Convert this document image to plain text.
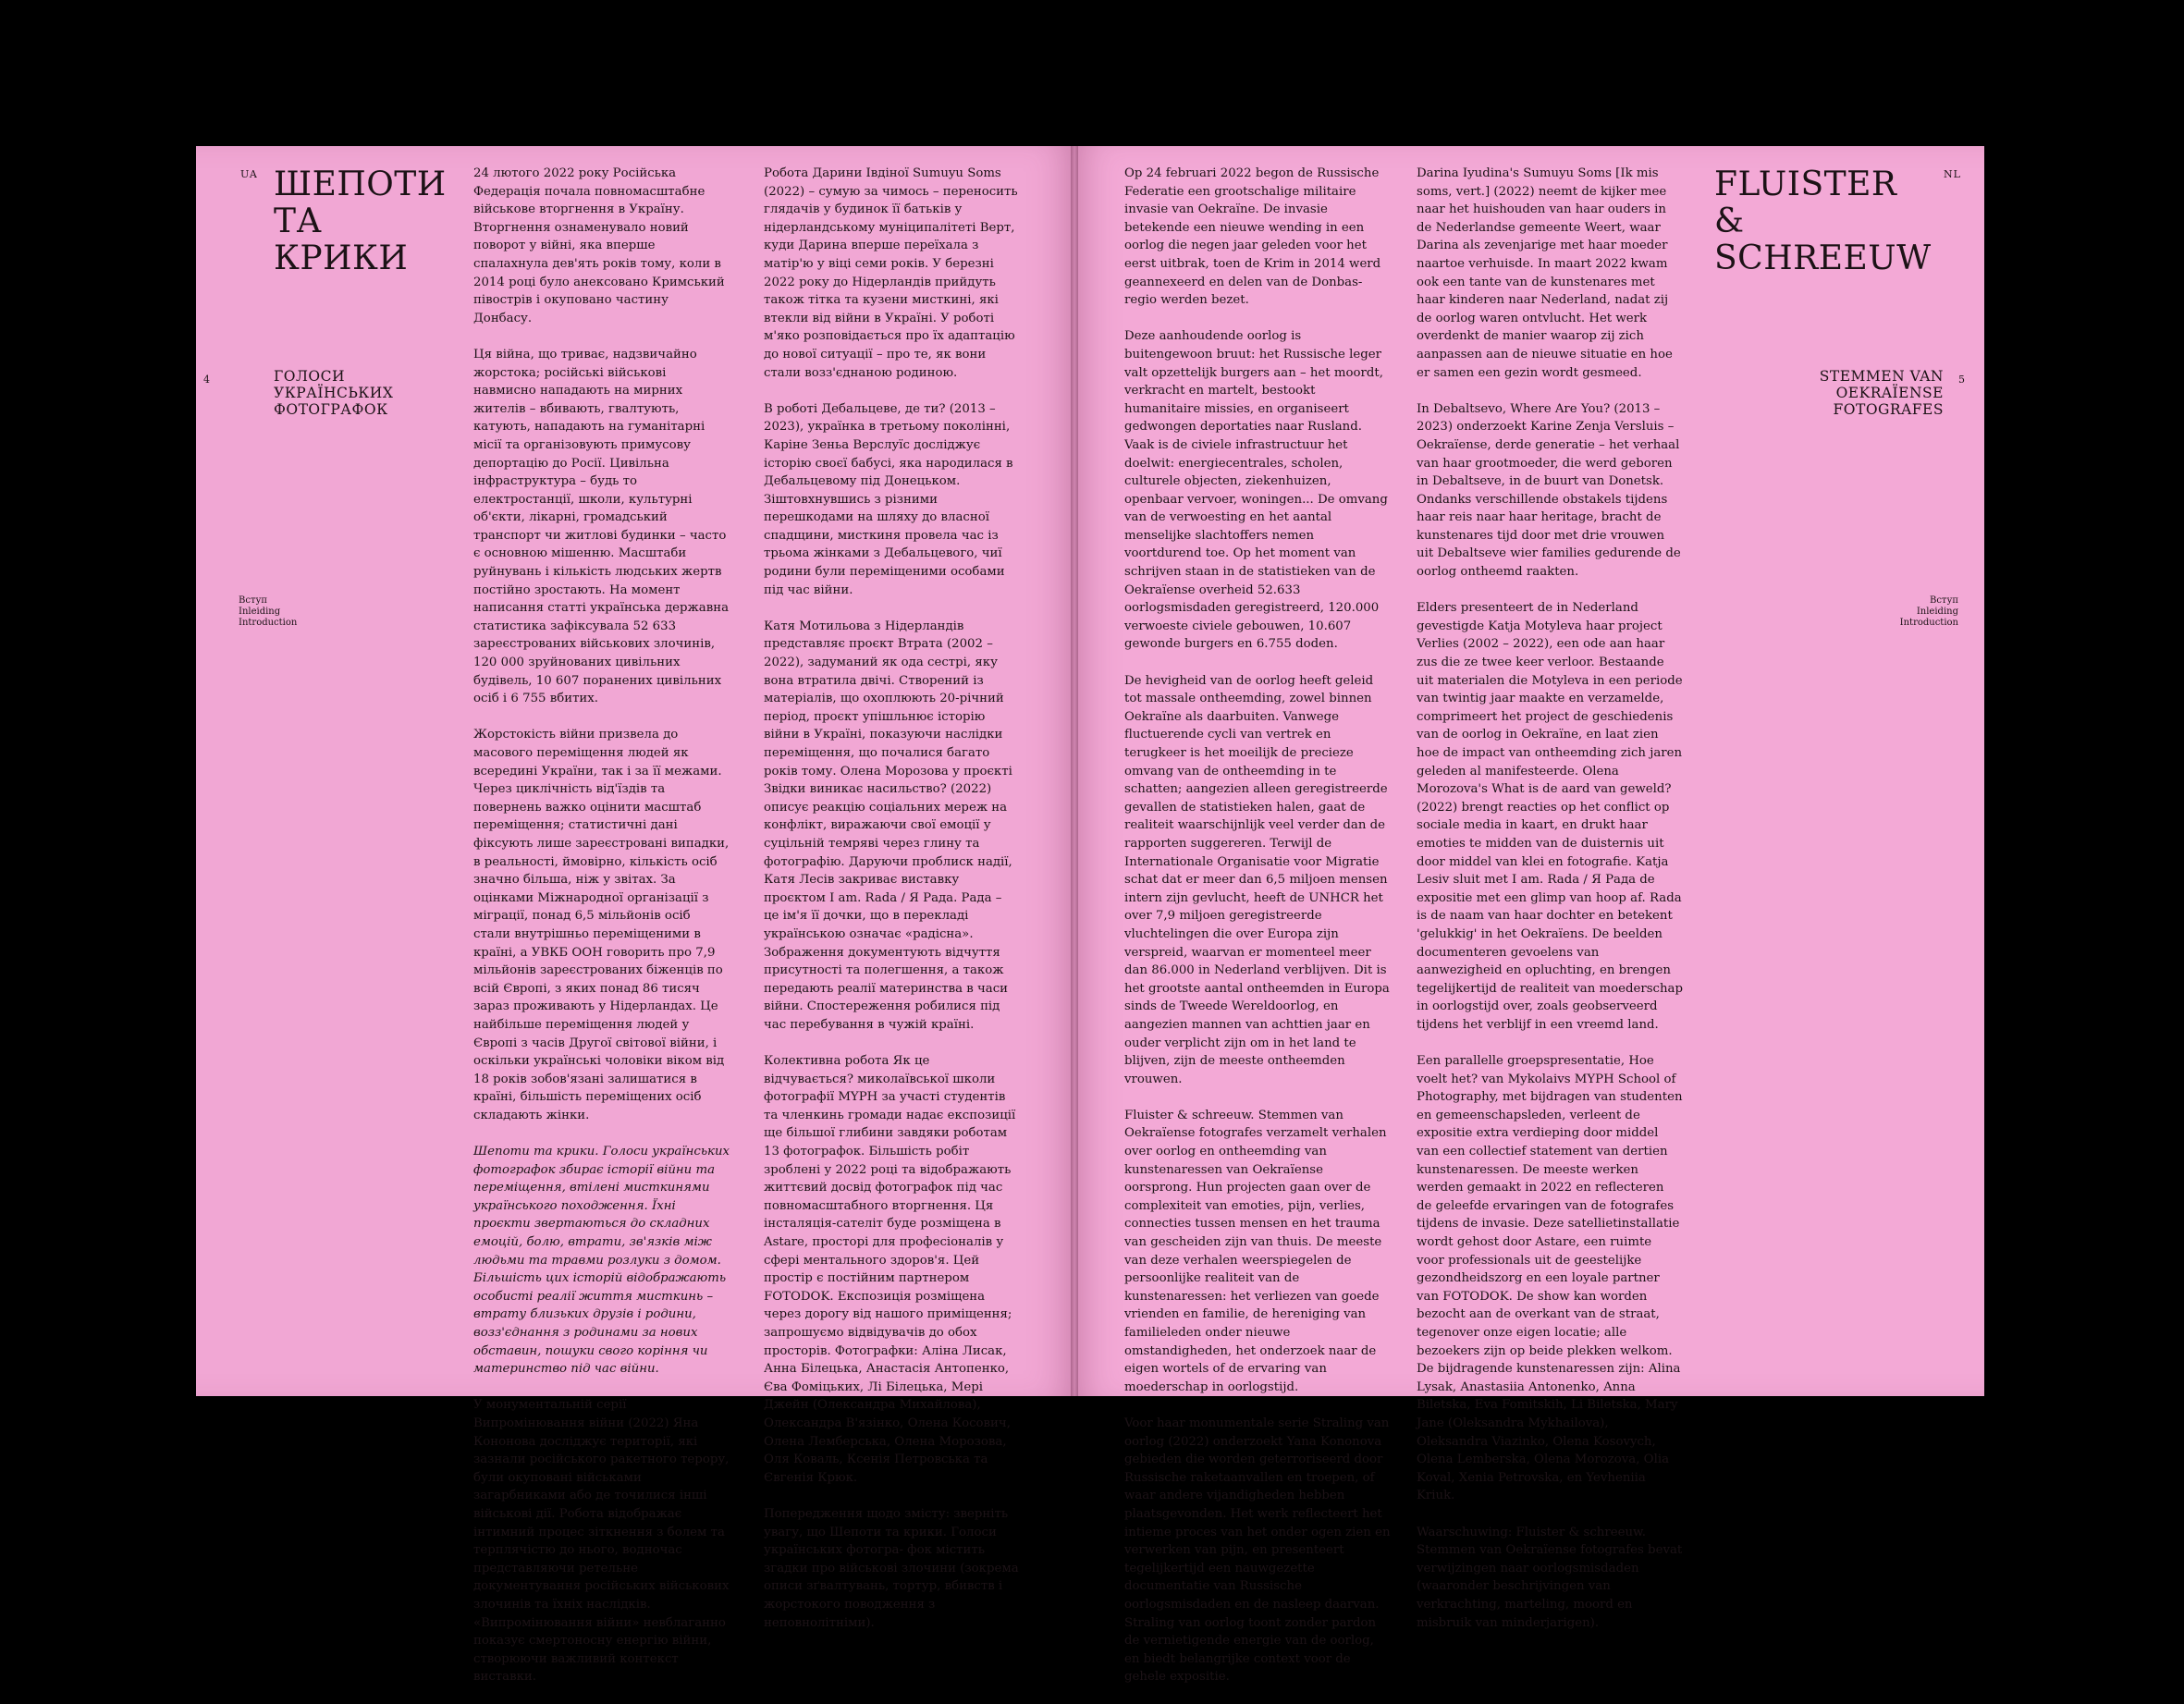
UA ШЕПОТИ ТА КРИКИ
4	ГОЛОСИ УКРАЇНСЬКИХ ФОТОГРАФОК
Вступ
Inleiding
Introduction

24 лютого 2022 року Російська Федерація почала повномасштабне військове вторгнення в Україну. Вторгнення ознаменувало новий поворот у війні, яка вперше спалахнула дев'ять років тому, коли в 2014 році було анексовано Кримський півострів і окуповано частину Донбасу.

Ця війна, що триває, надзвичайно жорстока; російські військові навмисно нападають на мирних жителів – вбивають, гвалтують, катують, нападають на гуманітарні місії та організовують примусову депортацію до Росії. Цивільна інфраструктура – будь то електростанції, школи, культурні об'єкти, лікарні, громадський транспорт чи житлові будинки – часто є основною мішенню. Масштаби руйнувань і кількість людських жертв постійно зростають. На момент написання статті українська державна статистика зафіксувала 52 633 зареєстрованих військових злочинів, 120 000 зруйнованих цивільних будівель, 10 607 поранених цивільних осіб і 6 755 вбитих.

Жорстокість війни призвела до масового переміщення людей як всередині України, так і за її межами. Через циклічність від'їздів та повернень важко оцінити масштаб переміщення; статистичні дані фіксують лише зареєстровані випадки, в реальності, ймовірно, кількість осіб значно більша, ніж у звітах. За оцінками Міжнародної організації з міграції, понад 6,5 мільйонів осіб стали внутрішньо переміщеними в країні, а УВКБ ООН говорить про 7,9 мільйонів зареєстрованих біженців по всій Європі, з яких понад 86 тисяч зараз проживають у Нідерландах. Це найбільше переміщення людей у Європі з часів Другої світової війни, і оскільки українські чоловіки віком від 18 років зобов'язані залишатися в країні, більшість переміщених осіб складають жінки.

Шепоти та крики. Голоси українських фотографок збирає історії війни та переміщення, втілені мисткинями українського походження. Їхні проєкти звертаються до складних емоцій, болю, втрати, зв'язків між людьми та травми розлуки з домом. Більшість цих історій відображають особисті реалії життя мисткинь – втрату близьких друзів і родини, возз'єднання з родинами за нових обставин, пошуки свого коріння чи материнство під час війни.

У монументальній серії Випромінювання війни (2022) Яна Кононова досліджує території, які зазнали російського ракетного терору, були окуповані військами загарбниками або де точилися інші військові дії. Робота відображає інтимний процес зіткнення з болем та терплячістю до нього, водночас представляючи ретельне документування російських військових злочинів та їхніх наслідків. «Випромінювання війни» невблаганно показує смертоносну енергію війни, створюючи важливий контекст виставки.

Робота Дарини Івдіної Sumuyu Soms (2022) – сумую за чимось – переносить глядачів у будинок її батьків у нідерландському муніципалітеті Верт, куди Дарина вперше переїхала з матір'ю у віці семи років. У березні 2022 року до Нідерландів прийдуть також тітка та кузени мисткині, які втекли від війни в Україні. У роботі м'яко розповідається про їх адаптацію до нової ситуації – про те, як вони стали возз'єднаною родиною.

В роботі Дебальцеве, де ти? (2013 – 2023), українка в третьому поколінні, Каріне Зеньа Верслуїс досліджує історію своєї бабусі, яка народилася в Дебальцевому під Донецьком. Зіштовхнувшись з різними перешкодами на шляху до власної спадщини, мисткиня провела час із трьома жінками з Дебальцевого, чиї родини були переміщеними особами під час війни.

Катя Мотильова з Нідерландів представляє проєкт Втрата (2002 – 2022), задуманий як ода сестрі, яку вона втратила двічі. Створений із матеріалів, що охоплюють 20-річний період, проєкт упішльнює історію війни в Україні, показуючи наслідки переміщення, що почалися багато років тому. Олена Морозова у проєкті Звідки виникає насильство? (2022) описує реакцію соціальних мереж на конфлікт, виражаючи свої емоції у суцільній темряві через глину та фотографію. Даруючи проблиск надії, Катя Лесів закриває виставку проєктом I am. Rada / Я Рада. Рада – це ім'я її дочки, що в перекладі українською означає «радісна». Зображення документують відчуття присутності та полегшення, а також передають реалії материнства в часи війни. Спостереження робилися під час перебування в чужій країні.

Колективна робота Як це відчувається? миколаївської школи фотографії MYPH за участі студентів та членкинь громади надає експозиції ще більшої глибини завдяки роботам 13 фотографок. Більшість робіт зроблені у 2022 році та відображають життєвий досвід фотографок під час повномасштабного вторгнення. Ця інсталяція-сателіт буде розміщена в Astare, просторі для професіоналів у сфері ментального здоров'я. Цей простір є постійним партнером FOTODOK. Експозиція розміщена через дорогу від нашого приміщення; запрошуємо відвідувачів до обох просторів. Фотографки: Аліна Лисак, Анна Білецька, Анастасія Антопенко, Єва Фоміцьких, Лі Білецька, Мері Джейн (Олександра Михайлова), Олександра В'язінко, Олена Косович, Олена Лемберська, Олена Морозова, Оля Коваль, Ксенія Петровська та Євгенія Крюк.

Попередження щодо змісту: зверніть увагу, що Шепоти та крики. Голоси українських фотогра- фок містить згадки про військові злочини (зокрема описи зґвалтувань, тортур, вбивств і жорстокого поводження з неповнолітніми).

Op 24 februari 2022 begon de Russische Federatie een grootschalige militaire invasie van Oekraïne. De invasie betekende een nieuwe wending in een oorlog die negen jaar geleden voor het eerst uitbrak, toen de Krim in 2014 werd geannexeerd en delen van de Donbas-regio werden bezet.

Deze aanhoudende oorlog is buitengewoon bruut: het Russische leger valt opzettelijk burgers aan – het moordt, verkracht en martelt, bestookt humanitaire missies, en organiseert gedwongen deportaties naar Rusland. Vaak is de civiele infrastructuur het doelwit: energiecentrales, scholen, culturele objecten, ziekenhuizen, openbaar vervoer, woningen... De omvang van de verwoesting en het aantal menselijke slachtoffers nemen voortdurend toe. Op het moment van schrijven staan in de statistieken van de Oekraïense overheid 52.633 oorlogsmisdaden geregistreerd, 120.000 verwoeste civiele gebouwen, 10.607 gewonde burgers en 6.755 doden.

De hevigheid van de oorlog heeft geleid tot massale ontheemding, zowel binnen Oekraïne als daarbuiten. Vanwege fluctuerende cycli van vertrek en terugkeer is het moeilijk de precieze omvang van de ontheemding in te schatten; aangezien alleen geregistreerde gevallen de statistieken halen, gaat de realiteit waarschijnlijk veel verder dan de rapporten suggereren. Terwijl de Internationale Organisatie voor Migratie schat dat er meer dan 6,5 miljoen mensen intern zijn gevlucht, heeft de UNHCR het over 7,9 miljoen geregistreerde vluchtelingen die over Europa zijn verspreid, waarvan er momenteel meer dan 86.000 in Nederland verblijven. Dit is het grootste aantal ontheemden in Europa sinds de Tweede Wereldoorlog, en aangezien mannen van achttien jaar en ouder verplicht zijn om in het land te blijven, zijn de meeste ontheemden vrouwen.

Fluister & schreeuw. Stemmen van Oekraïense fotografes verzamelt verhalen over oorlog en ontheemding van kunstenaressen van Oekraïense oorsprong. Hun projecten gaan over de complexiteit van emoties, pijn, verlies, connecties tussen mensen en het trauma van gescheiden zijn van thuis. De meeste van deze verhalen weerspiegelen de persoonlijke realiteit van de kunstenaressen: het verliezen van goede vrienden en familie, de hereniging van familieleden onder nieuwe omstandigheden, het onderzoek naar de eigen wortels of de ervaring van moederschap in oorlogstijd.

Voor haar monumentale serie Straling van oorlog (2022) onderzoekt Yana Kononova gebieden die worden geterroriseerd door Russische raketaanvallen en troepen, of waar andere vijandigheden hebben plaatsgevonden. Het werk reflecteert het intieme proces van het onder ogen zien en verwerken van pijn, en presenteert tegelijkertijd een nauwgezette documentatie van Russische oorlogsmisdaden en de nasleep daarvan. Straling van oorlog toont zonder pardon de vernietigende energie van de oorlog, en biedt belangrijke context voor de gehele expositie.

Darina Iyudina's Sumuyu Soms [Ik mis soms, vert.] (2022) neemt de kijker mee naar het huishouden van haar ouders in de Nederlandse gemeente Weert, waar Darina als zevenjarige met haar moeder naartoe verhuisde. In maart 2022 kwam ook een tante van de kunstenares met haar kinderen naar Nederland, nadat zij de oorlog waren ontvlucht. Het werk overdenkt de manier waarop zij zich aanpassen aan de nieuwe situatie en hoe er samen een gezin wordt gesmeed.

In Debaltsevo, Where Are You? (2013 – 2023) onderzoekt Karine Zenja Versluis – Oekraïense, derde generatie – het verhaal van haar grootmoeder, die werd geboren in Debaltseve, in de buurt van Donetsk. Ondanks verschillende obstakels tijdens haar reis naar haar heritage, bracht de kunstenares tijd door met drie vrouwen uit Debaltseve wier families gedurende de oorlog ontheemd raakten.

Elders presenteert de in Nederland gevestigde Katja Motyleva haar project Verlies (2002 – 2022), een ode aan haar zus die ze twee keer verloor. Bestaande uit materialen die Motyleva in een periode van twintig jaar maakte en verzamelde, comprimeert het project de geschiedenis van de oorlog in Oekraïne, en laat zien hoe de impact van ontheemding zich jaren geleden al manifesteerde. Olena Morozova's What is de aard van geweld? (2022) brengt reacties op het conflict op sociale media in kaart, en drukt haar emoties te midden van de duisternis uit door middel van klei en fotografie. Katja Lesiv sluit met I am. Rada / Я Рада de expositie met een glimp van hoop af. Rada is de naam van haar dochter en betekent 'gelukkig' in het Oekraïens. De beelden documenteren gevoelens van aanwezigheid en opluchting, en brengen tegelijkertijd de realiteit van moederschap in oorlogstijd over, zoals geobserveerd tijdens het verblijf in een vreemd land.

Een parallelle groepspresentatie, Hoe voelt het? van Mykolaivs MYPH School of Photography, met bijdragen van studenten en gemeenschapsleden, verleent de expositie extra verdieping door middel van een collectief statement van dertien kunstenaressen. De meeste werken werden gemaakt in 2022 en reflecteren de geleefde ervaringen van de fotografes tijdens de invasie. Deze satellietinstallatie wordt gehost door Astare, een ruimte voor professionals uit de geestelijke gezondheidszorg en een loyale partner van FOTODOK. De show kan worden bezocht aan de overkant van de straat, tegenover onze eigen locatie; alle bezoekers zijn op beide plekken welkom. De bijdragende kunstenaressen zijn: Alina Lysak, Anastasiia Antonenko, Anna Biletska, Eva Fomitskih, Li Biletska, Mary Jane (Oleksandra Mykhailova), Oleksandra Viazinko, Olena Kosovych, Olena Lemberska, Olena Morozova, Olia Koval, Xenia Petrovska, en Yevheniia Kriuk.

Waarschuwing: Fluister & schreeuw. Stemmen van Oekraïense fotografes bevat verwijzingen naar oorlogsmisdaden (waaronder beschrijvingen van verkrachting, marteling, moord en misbruik van minderjarigen).

FLUISTER & SCHREEUW
NL
STEMMEN VAN OEKRAÏENSE FOTOGRAFES
5
Вступ
Inleiding
Introduction
